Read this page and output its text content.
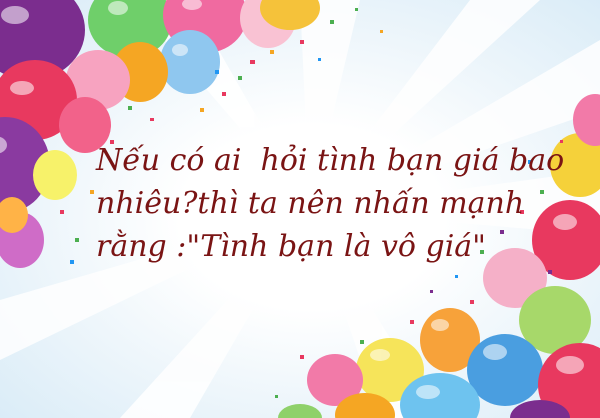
Nếu có ai  hỏi tình bạn giá bao
nhiêu?thì ta nên nhấn mạnh
rằng :"Tình bạn là vô giá"
